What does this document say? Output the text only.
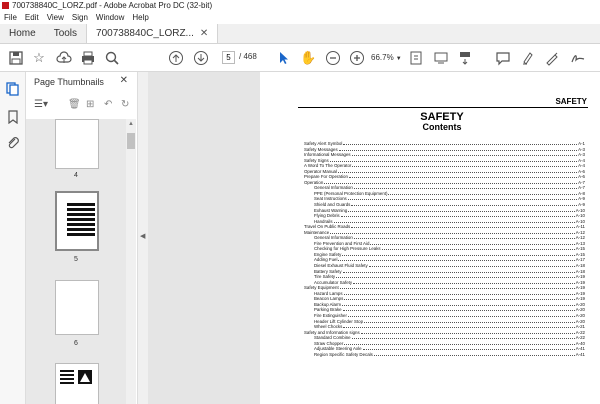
700738840C_LORZ.pdf - Adobe Acrobat Pro DC (32-bit)
File Edit View Sign Window Help
Home	Tools	700738840C_LORZ... ✕
☆	✋
5	/ 468	66.7% ▼
Page Thumbnails ✕
☰▾ 🗑 ⊞ ↶ ↻
4
5
6
▲
◀
SAFETY
SAFETY
Contents
Safety Alert Symbol	A-1
Safety Messages	A-3
Informational Messages	A-3
Safety Signs	A-4
A Word To The Operator	A-4
Operator Manual	A-6
Prepare For Operation	A-6
Operation	A-7
General Information	A-7
PPE (Personal Protection Equipment)	A-8
Seat Instructions	A-9
Shield and Guards	A-9
Exhaust Warning	A-10
Flying Debris	A-10
Handrails	A-10
Travel On Public Roads	A-11
Maintenance	A-12
General Information	A-12
Fire Prevention and First Aid	A-13
Checking for High Pressure Leaks	A-15
Engine Safety	A-15
Adding Fuel	A-17
Diesel Exhaust Fluid Safety	A-18
Battery Safety	A-18
Tire Safety	A-19
Accumulator Safety	A-19
Safety Equipment	A-19
Hazard Lamps	A-19
Beacon Lamps	A-19
Backup Alarm	A-20
Parking Brake	A-20
Fire Extinguisher	A-20
Header Lift Cylinder Stop	A-20
Wheel Chocks	A-21
Safety and Information signs	A-22
Standard Combine	A-22
Straw Chopper	A-40
Adjustable Steering Axle	A-41
Region Specific Safety Decals	A-41
